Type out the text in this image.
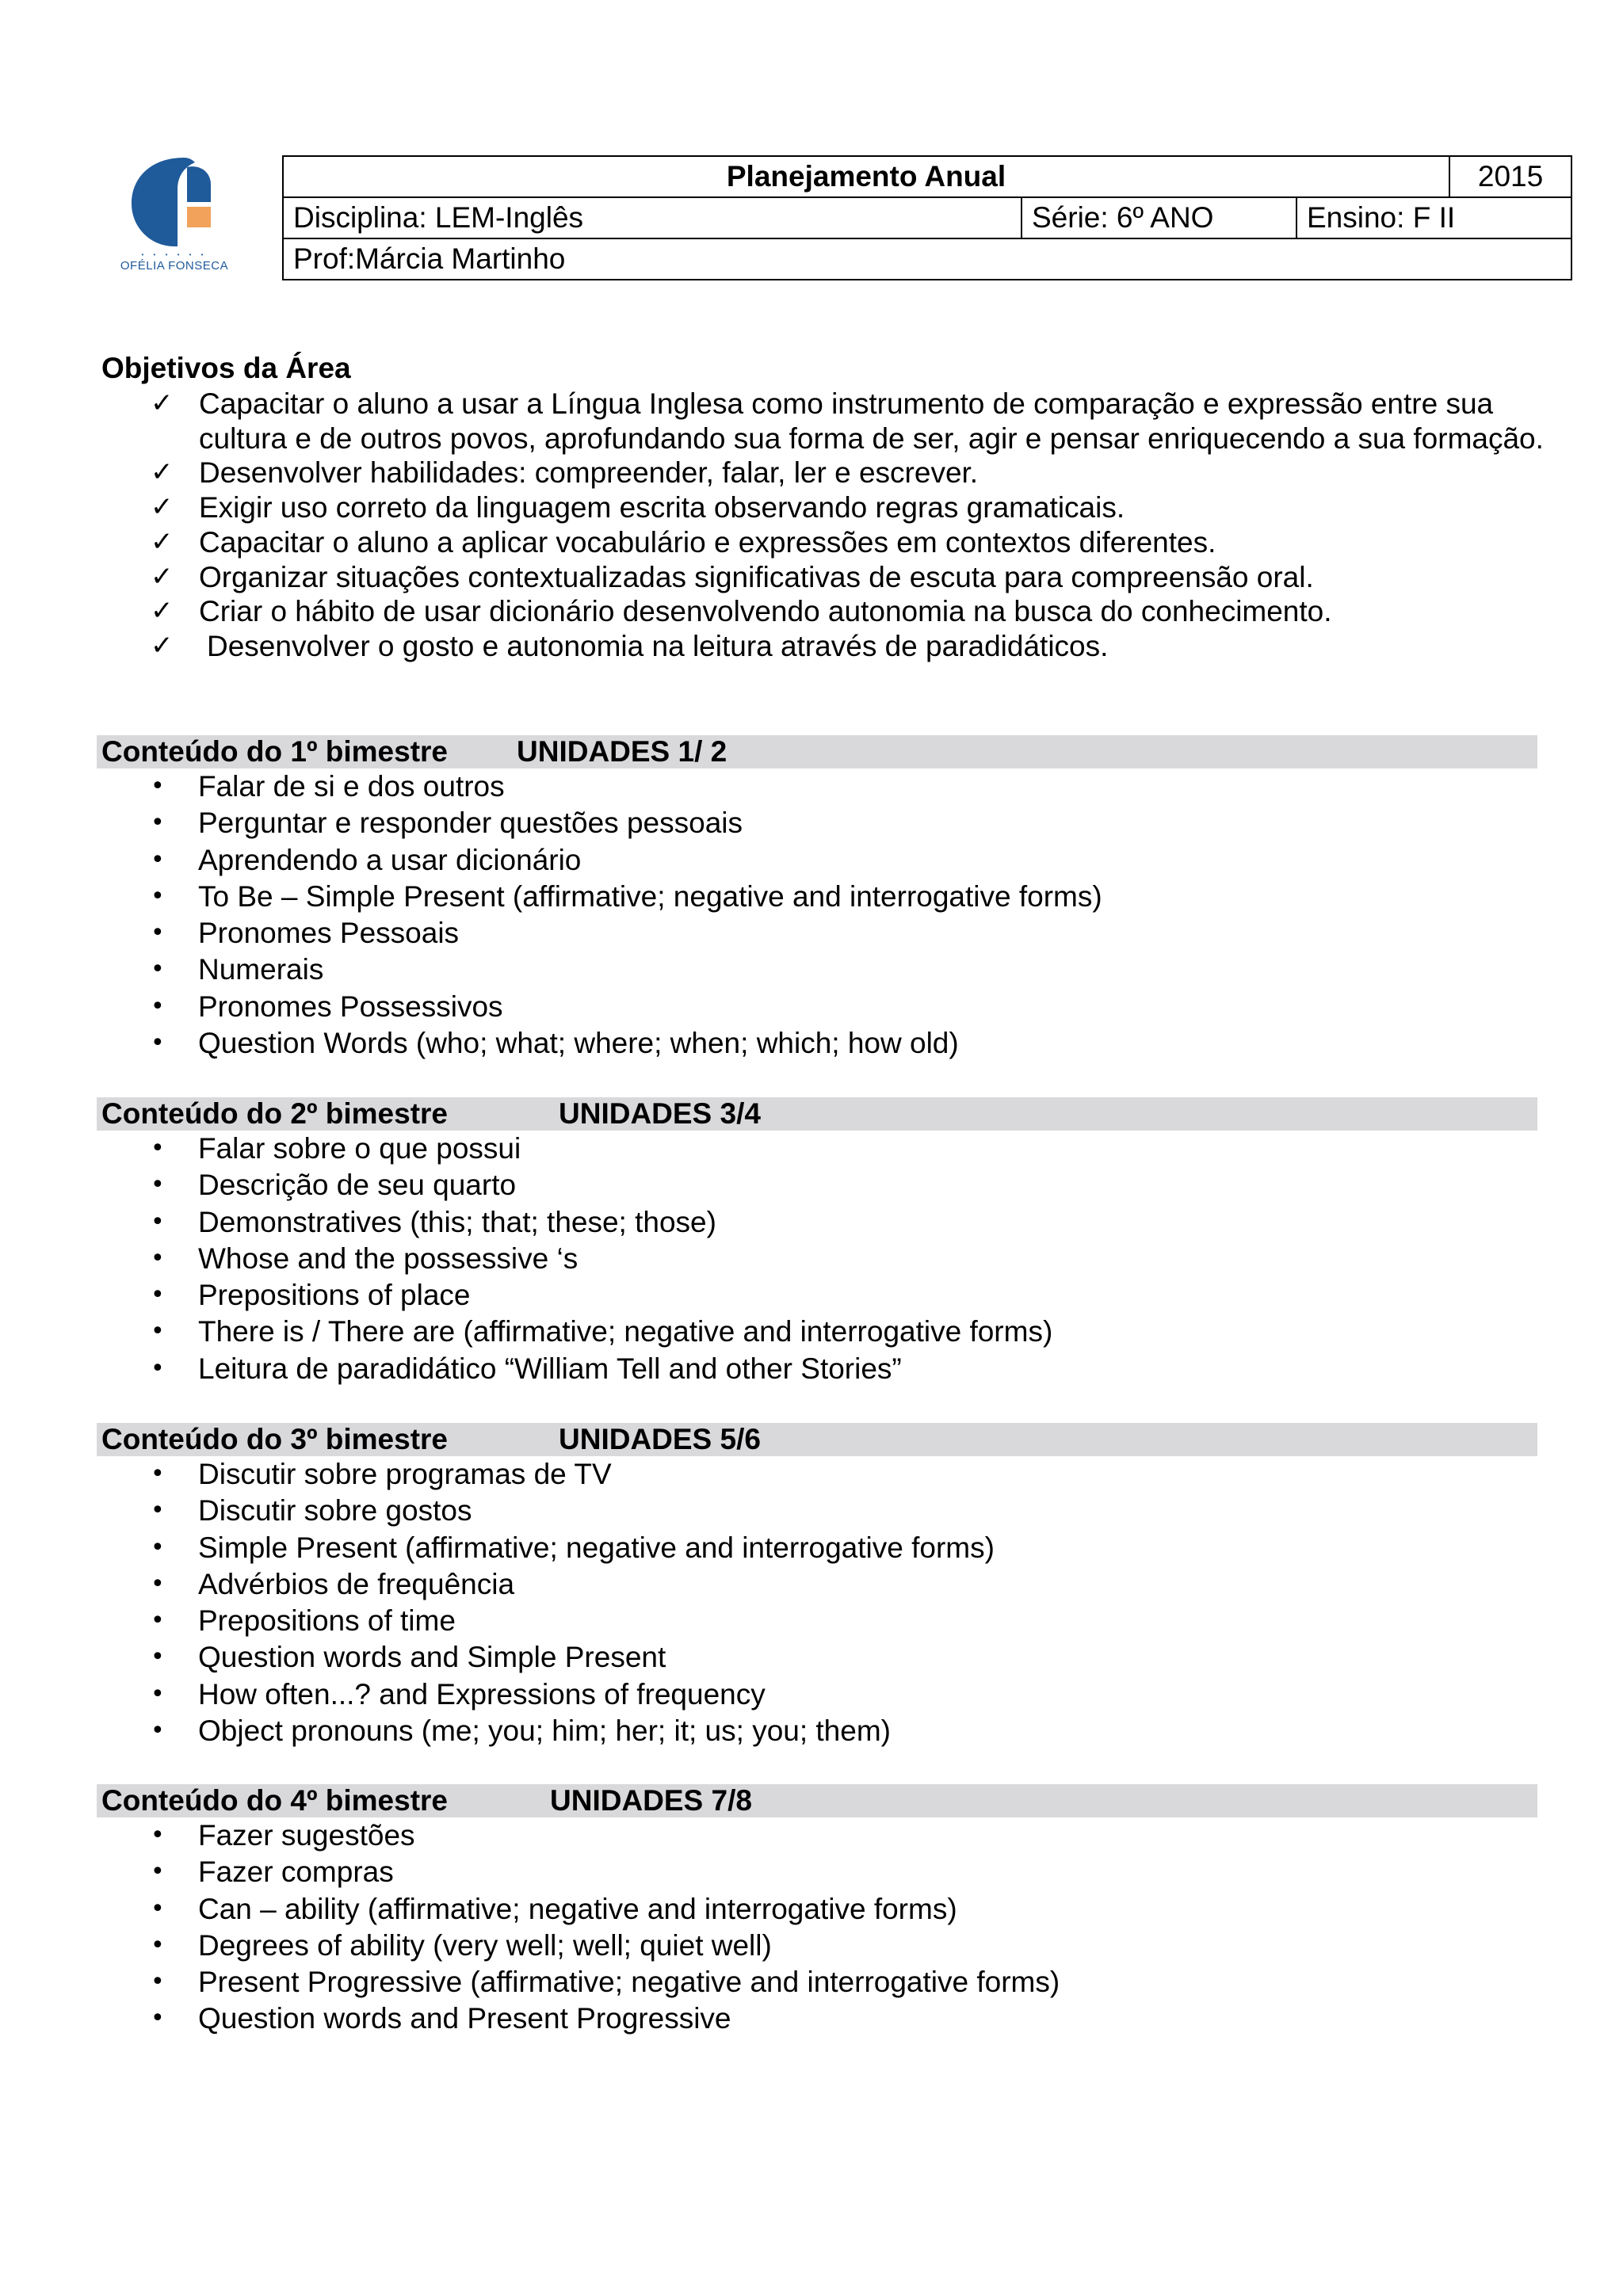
• • • • • •
OFÉLIA FONSECA
Planejamento Anual			2015
Disciplina: LEM-Inglês	Série: 6º ANO	Ensino: F II	
Prof:Márcia Martinho			
Objetivos da Área
✓ Capacitar o aluno a usar a Língua Inglesa como instrumento de comparação e expressão entre sua cultura e de outros povos, aprofundando sua forma de ser, agir e pensar enriquecendo a sua formação.
✓ Desenvolver habilidades: compreender, falar, ler e escrever.
✓ Exigir uso correto da linguagem escrita observando regras gramaticais.
✓ Capacitar o aluno a aplicar vocabulário e expressões em contextos diferentes.
✓ Organizar situações contextualizadas significativas de escuta para compreensão oral.
✓ Criar o hábito de usar dicionário desenvolvendo autonomia na busca do conhecimento.
✓ Desenvolver o gosto e autonomia na leitura através de paradidáticos.
Conteúdo do 1º bimestre UNIDADES 1/ 2
• Falar de si e dos outros
• Perguntar e responder questões pessoais
• Aprendendo a usar dicionário
• To Be – Simple Present (affirmative; negative and interrogative forms)
• Pronomes Pessoais
• Numerais
• Pronomes Possessivos
• Question Words (who; what; where; when; which; how old)
Conteúdo do 2º bimestre	UNIDADES 3/4
• Falar sobre o que possui
• Descrição de seu quarto
• Demonstratives (this; that; these; those)
• Whose and the possessive ‘s
• Prepositions of place
• There is / There are (affirmative; negative and interrogative forms)
• Leitura de paradidático “William Tell and other Stories”
Conteúdo do 3º bimestre	UNIDADES 5/6
• Discutir sobre programas de TV
• Discutir sobre gostos
• Simple Present (affirmative; negative and interrogative forms)
• Advérbios de frequência
• Prepositions of time
• Question words and Simple Present
• How often...? and Expressions of frequency
• Object pronouns (me; you; him; her; it; us; you; them)
Conteúdo do 4º bimestre	UNIDADES 7/8
• Fazer sugestões
• Fazer compras
• Can – ability (affirmative; negative and interrogative forms)
• Degrees of ability (very well; well; quiet well)
• Present Progressive (affirmative; negative and interrogative forms)
• Question words and Present Progressive
